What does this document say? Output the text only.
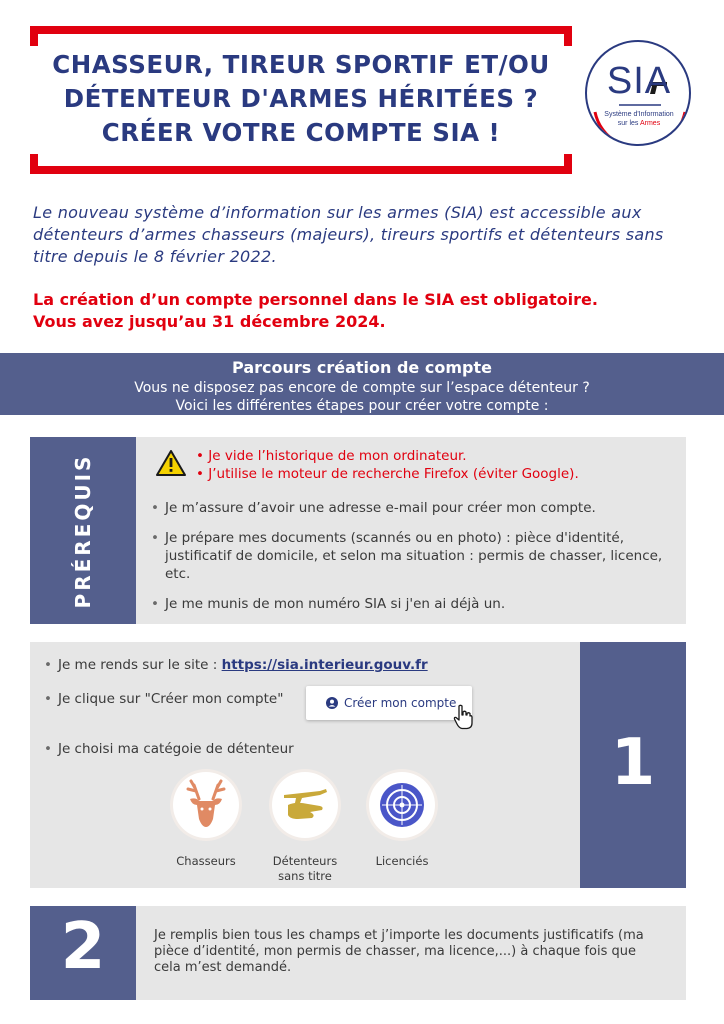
CHASSEUR, TIREUR SPORTIF ET/OU
DÉTENTEUR D'ARMES HÉRITÉES ?
CRÉER VOTRE COMPTE SIA !
SIA
Système d'Information
sur les Armes

Le nouveau système d’information sur les armes (SIA) est accessible aux détenteurs d’armes chasseurs (majeurs), tireurs sportifs et détenteurs sans titre depuis le 8 février 2022.

La création d’un compte personnel dans le SIA est obligatoire.
Vous avez jusqu’au 31 décembre 2024.
Parcours création de compte
Vous ne disposez pas encore de compte sur l’espace détenteur ?
Voici les différentes étapes pour créer votre compte :
PRÉREQUIS	• Je vide l’historique de mon ordinateur.
• J’utilise le moteur de recherche Firefox (éviter Google).
• Je m’assure d’avoir une adresse e-mail pour créer mon compte.
• Je prépare mes documents (scannés ou en photo) : pièce d'identité, justificatif de domicile, et selon ma situation : permis de chasser, licence, etc.
• Je me munis de mon numéro SIA si j'en ai déjà un.
1
• Je me rends sur le site : https://sia.interieur.gouv.fr
• Je clique sur "Créer mon compte"	Créer mon compte
• Je choisi ma catégoie de détenteur
Chasseurs	Détenteurs
sans titre
Licenciés
2	Je remplis bien tous les champs et j’importe les documents justificatifs (ma pièce d’identité, mon permis de chasser, ma licence,...) à chaque fois que cela m’est demandé.
